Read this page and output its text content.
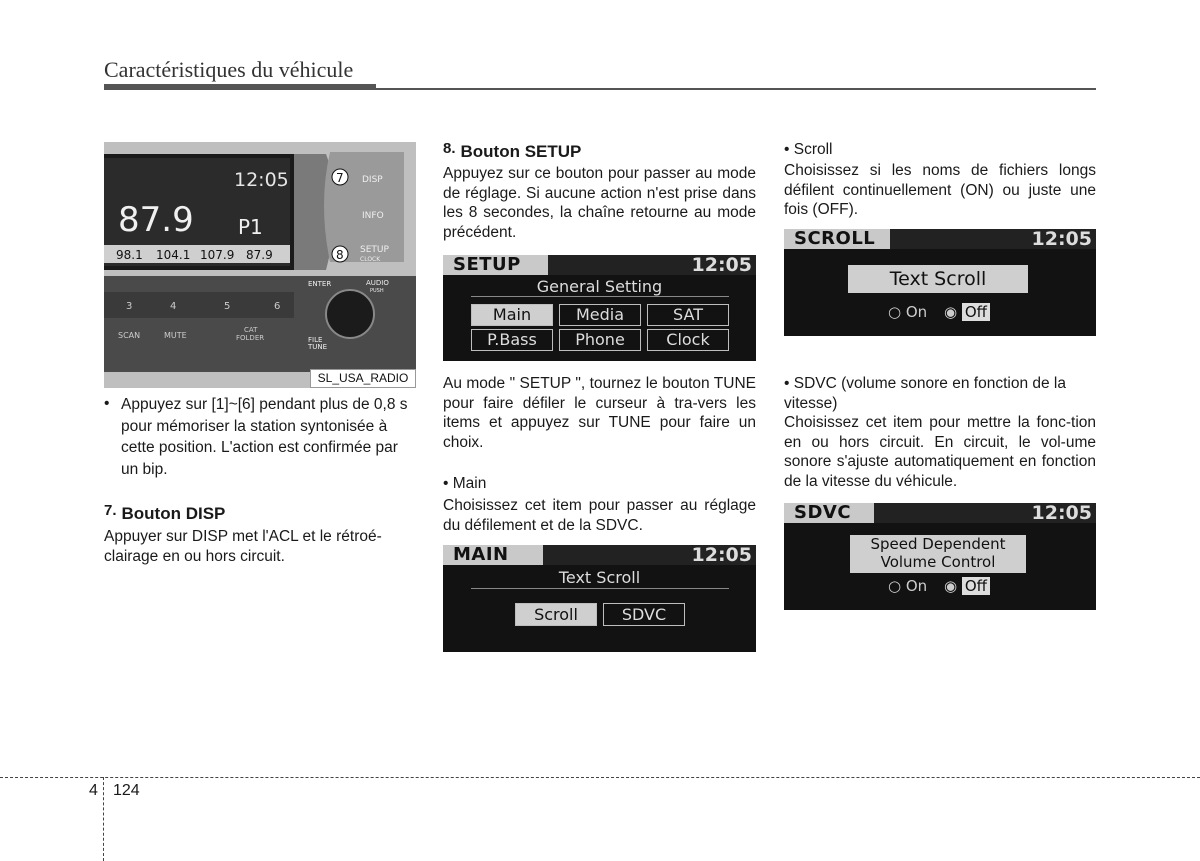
Caractéristiques du véhicule
12:05
87.9 P1
98.1 104.1 107.9 87.9
DISP
INFO
SETUP
CLOCK
7
8
3	4	5	6
SCAN	MUTE
CAT
FOLDER
ENTER	AUDIO
PUSH
FILE
TUNE
SL_USA_RADIO
• Appuyez sur [1]~[6] pendant plus de 0,8 s pour mémoriser la station syntonisée à cette position. L'action est confirmée par un bip.
7. Bouton DISP
Appuyer sur DISP met l'ACL et le rétroé-clairage en ou hors circuit.
8. Bouton SETUP
Appuyez sur ce bouton pour passer au mode de réglage. Si aucune action n'est prise dans les 8 secondes, la chaîne retourne au mode précédent.
SETUP	12:05
General Setting
Main	Media	SAT
P.Bass	Phone	Clock
Au mode " SETUP ", tournez le bouton TUNE pour faire défiler le curseur à tra-vers les items et appuyez sur TUNE pour faire un choix.
• Main
Choisissez cet item pour passer au réglage du défilement et de la SDVC.
MAIN	12:05
Text Scroll
Scroll	SDVC
• Scroll
Choisissez si les noms de fichiers longs défilent continuellement (ON) ou juste une fois (OFF).
SCROLL	12:05
Text Scroll
○ On ◉ Off
• SDVC (volume sonore en fonction de la vitesse)
Choisissez cet item pour mettre la fonc-tion en ou hors circuit. En circuit, le vol-ume sonore s'ajuste automatiquement en fonction de la vitesse du véhicule.
SDVC	12:05
Speed Dependent
Volume Control
○ On ◉ Off
4 124
